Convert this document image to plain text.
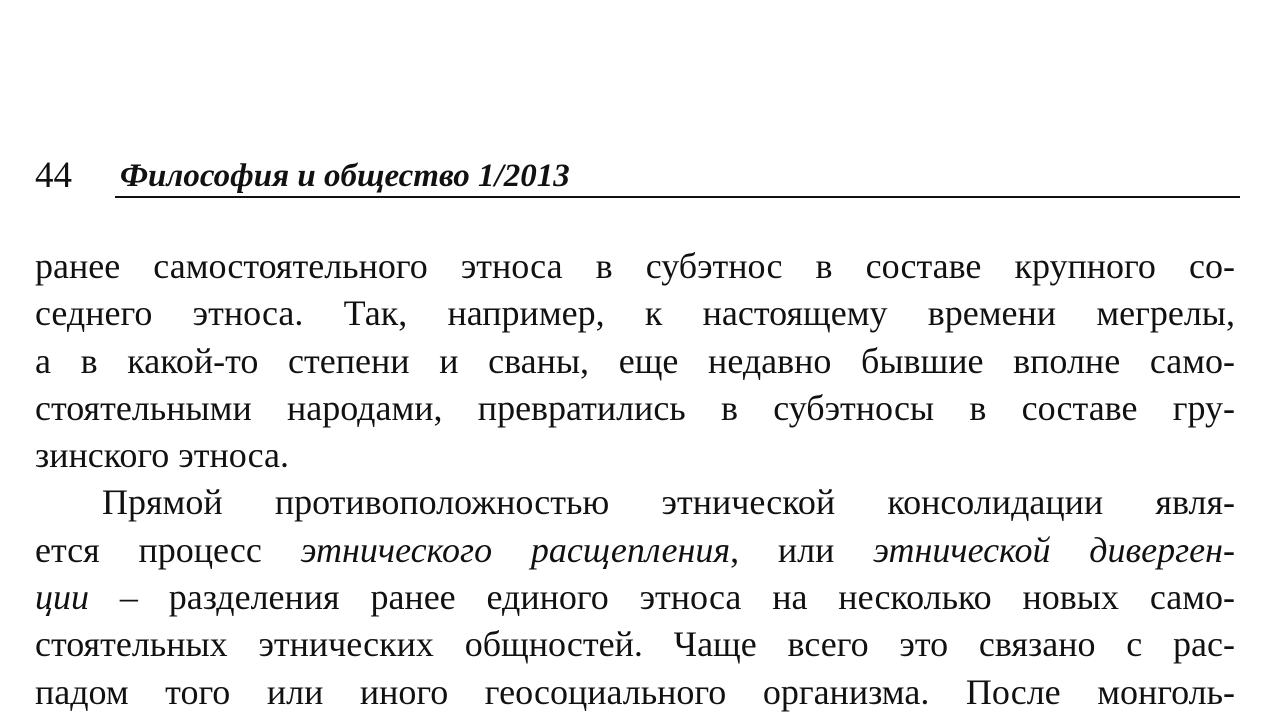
44 Философия и общество 1/2013
ранее самостоятельного этноса в субэтнос в составе крупного со-
седнего этноса. Так, например, к настоящему времени мегрелы,
а в какой-то степени и сваны, еще недавно бывшие вполне само-
стоятельными народами, превратились в субэтносы в составе гру-
зинского этноса.
Прямой противоположностью этнической консолидации явля-
ется процесс этнического расщепления, или этнической диверген-
ции – разделения ранее единого этноса на несколько новых само-
стоятельных этнических общностей. Чаще всего это связано с рас-
падом того или иного геосоциального организма. После монголь-
